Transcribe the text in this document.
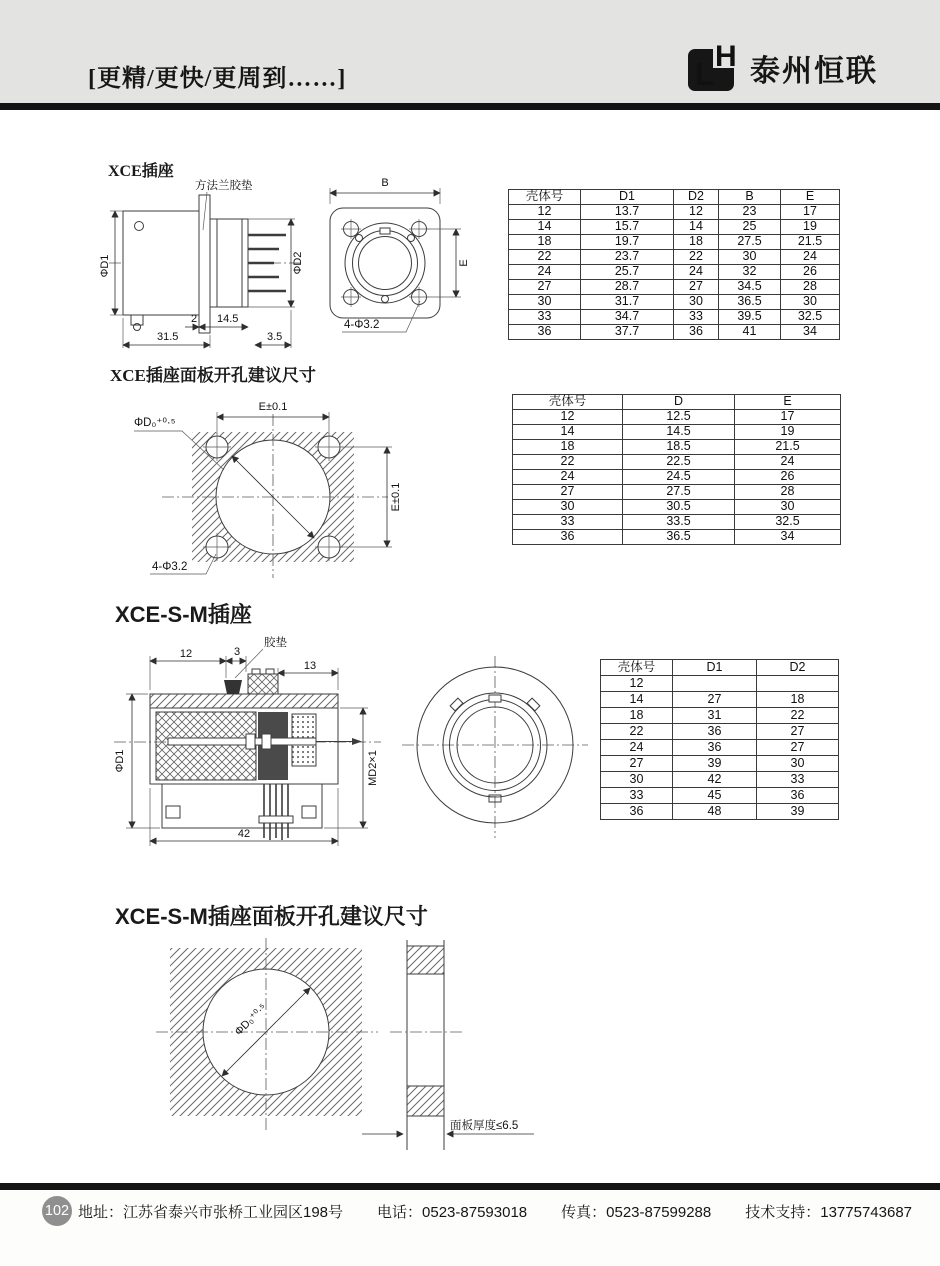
[更精/更快/更周到……]
H
L 泰州恒联
XCE插座
XCE插座面板开孔建议尺寸
XCE-S-M插座
XCE-S-M插座面板开孔建议尺寸
ΦD1	ΦD2
方法兰胶垫
2 14.5
31.5	3.5
B
E
4-Φ3.2
壳体号	D1	D2	B	E
12	13.7	12	23	17
14	15.7	14	25	19
18	19.7	18	27.5	21.5
22	23.7	22	30	24
24	25.7	24	32	26
27	28.7	27	34.5	28
30	31.7	30	36.5	30
33	34.7	33	39.5	32.5
36	37.7	36	41	34
E±0.1
E±0.1
ΦD₀⁺⁰·⁵
4-Φ3.2
壳体号	D	E
12	12.5	17
14	14.5	19
18	18.5	21.5
22	22.5	24
24	24.5	26
27	27.5	28
30	30.5	30
33	33.5	32.5
36	36.5	34
12	3
胶垫
13
ΦD1	MD2×1
42
壳体号	D1	D2
12		
14	27	18
18	31	22
22	36	27
24	36	27
27	39	30
30	42	33
33	45	36
36	48	39
ΦD₀⁺⁰·⁵
面板厚度≤6.5
102 地址：江苏省泰兴市张桥工业园区198号 电话：0523-87593018 传真：0523-87599288 技术支持：13775743687
